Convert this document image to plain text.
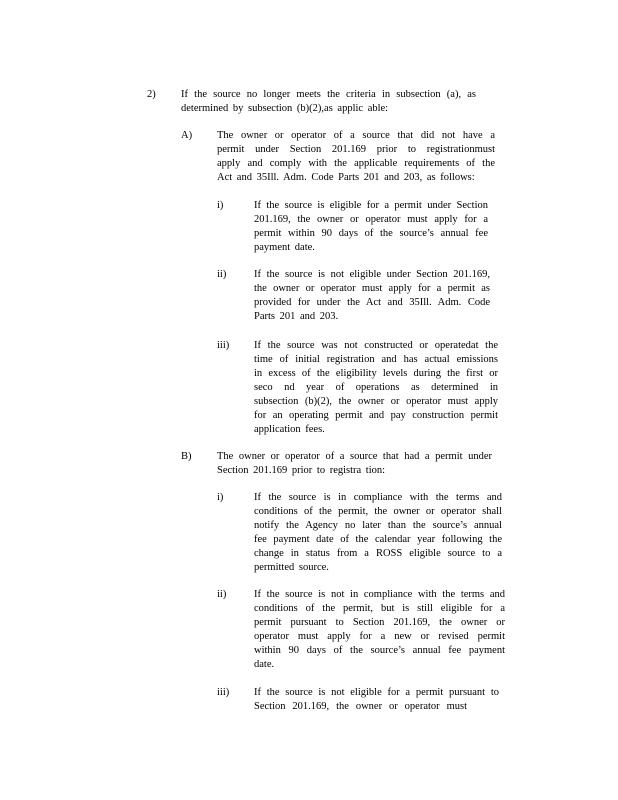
2) If the source no longer meets the criteria in subsection (a), as
determined by subsection (b)(2),as applic able:
A) The owner or operator of a source that did not have a
permit under Section 201.169 prior to registrationmust
apply and comply with the applicable requirements of the
Act and 35Ill. Adm. Code Parts 201 and 203, as follows:
i)	If the source is eligible for a permit under Section
201.169, the owner or operator must apply for a
permit within 90 days of the source’s annual fee
payment date.
ii)	If the source is not eligible under Section 201.169,
the owner or operator must apply for a permit as
provided for under the Act and 35Ill. Adm. Code
Parts 201 and 203.
iii) If the source was not constructed or operatedat the
time of initial registration and has actual emissions
in excess of the eligibility levels during the first or
seco nd year of operations as determined in
subsection (b)(2), the owner or operator must apply
for an operating permit and pay construction permit
application fees.
B) The owner or operator of a source that had a permit under
Section 201.169 prior to registra tion:
i)	If the source is in compliance with the terms and
conditions of the permit, the owner or operator shall
notify the Agency no later than the source’s annual
fee payment date of the calendar year following the
change in status from a ROSS eligible source to a
permitted source.
ii)	If the source is not in compliance with the terms and
conditions of the permit, but is still eligible for a
permit pursuant to Section 201.169, the owner or
operator must apply for a new or revised permit
within 90 days of the source’s annual fee payment
date.
iii) If the source is not eligible for a permit pursuant to
Section 201.169, the owner or operator must
